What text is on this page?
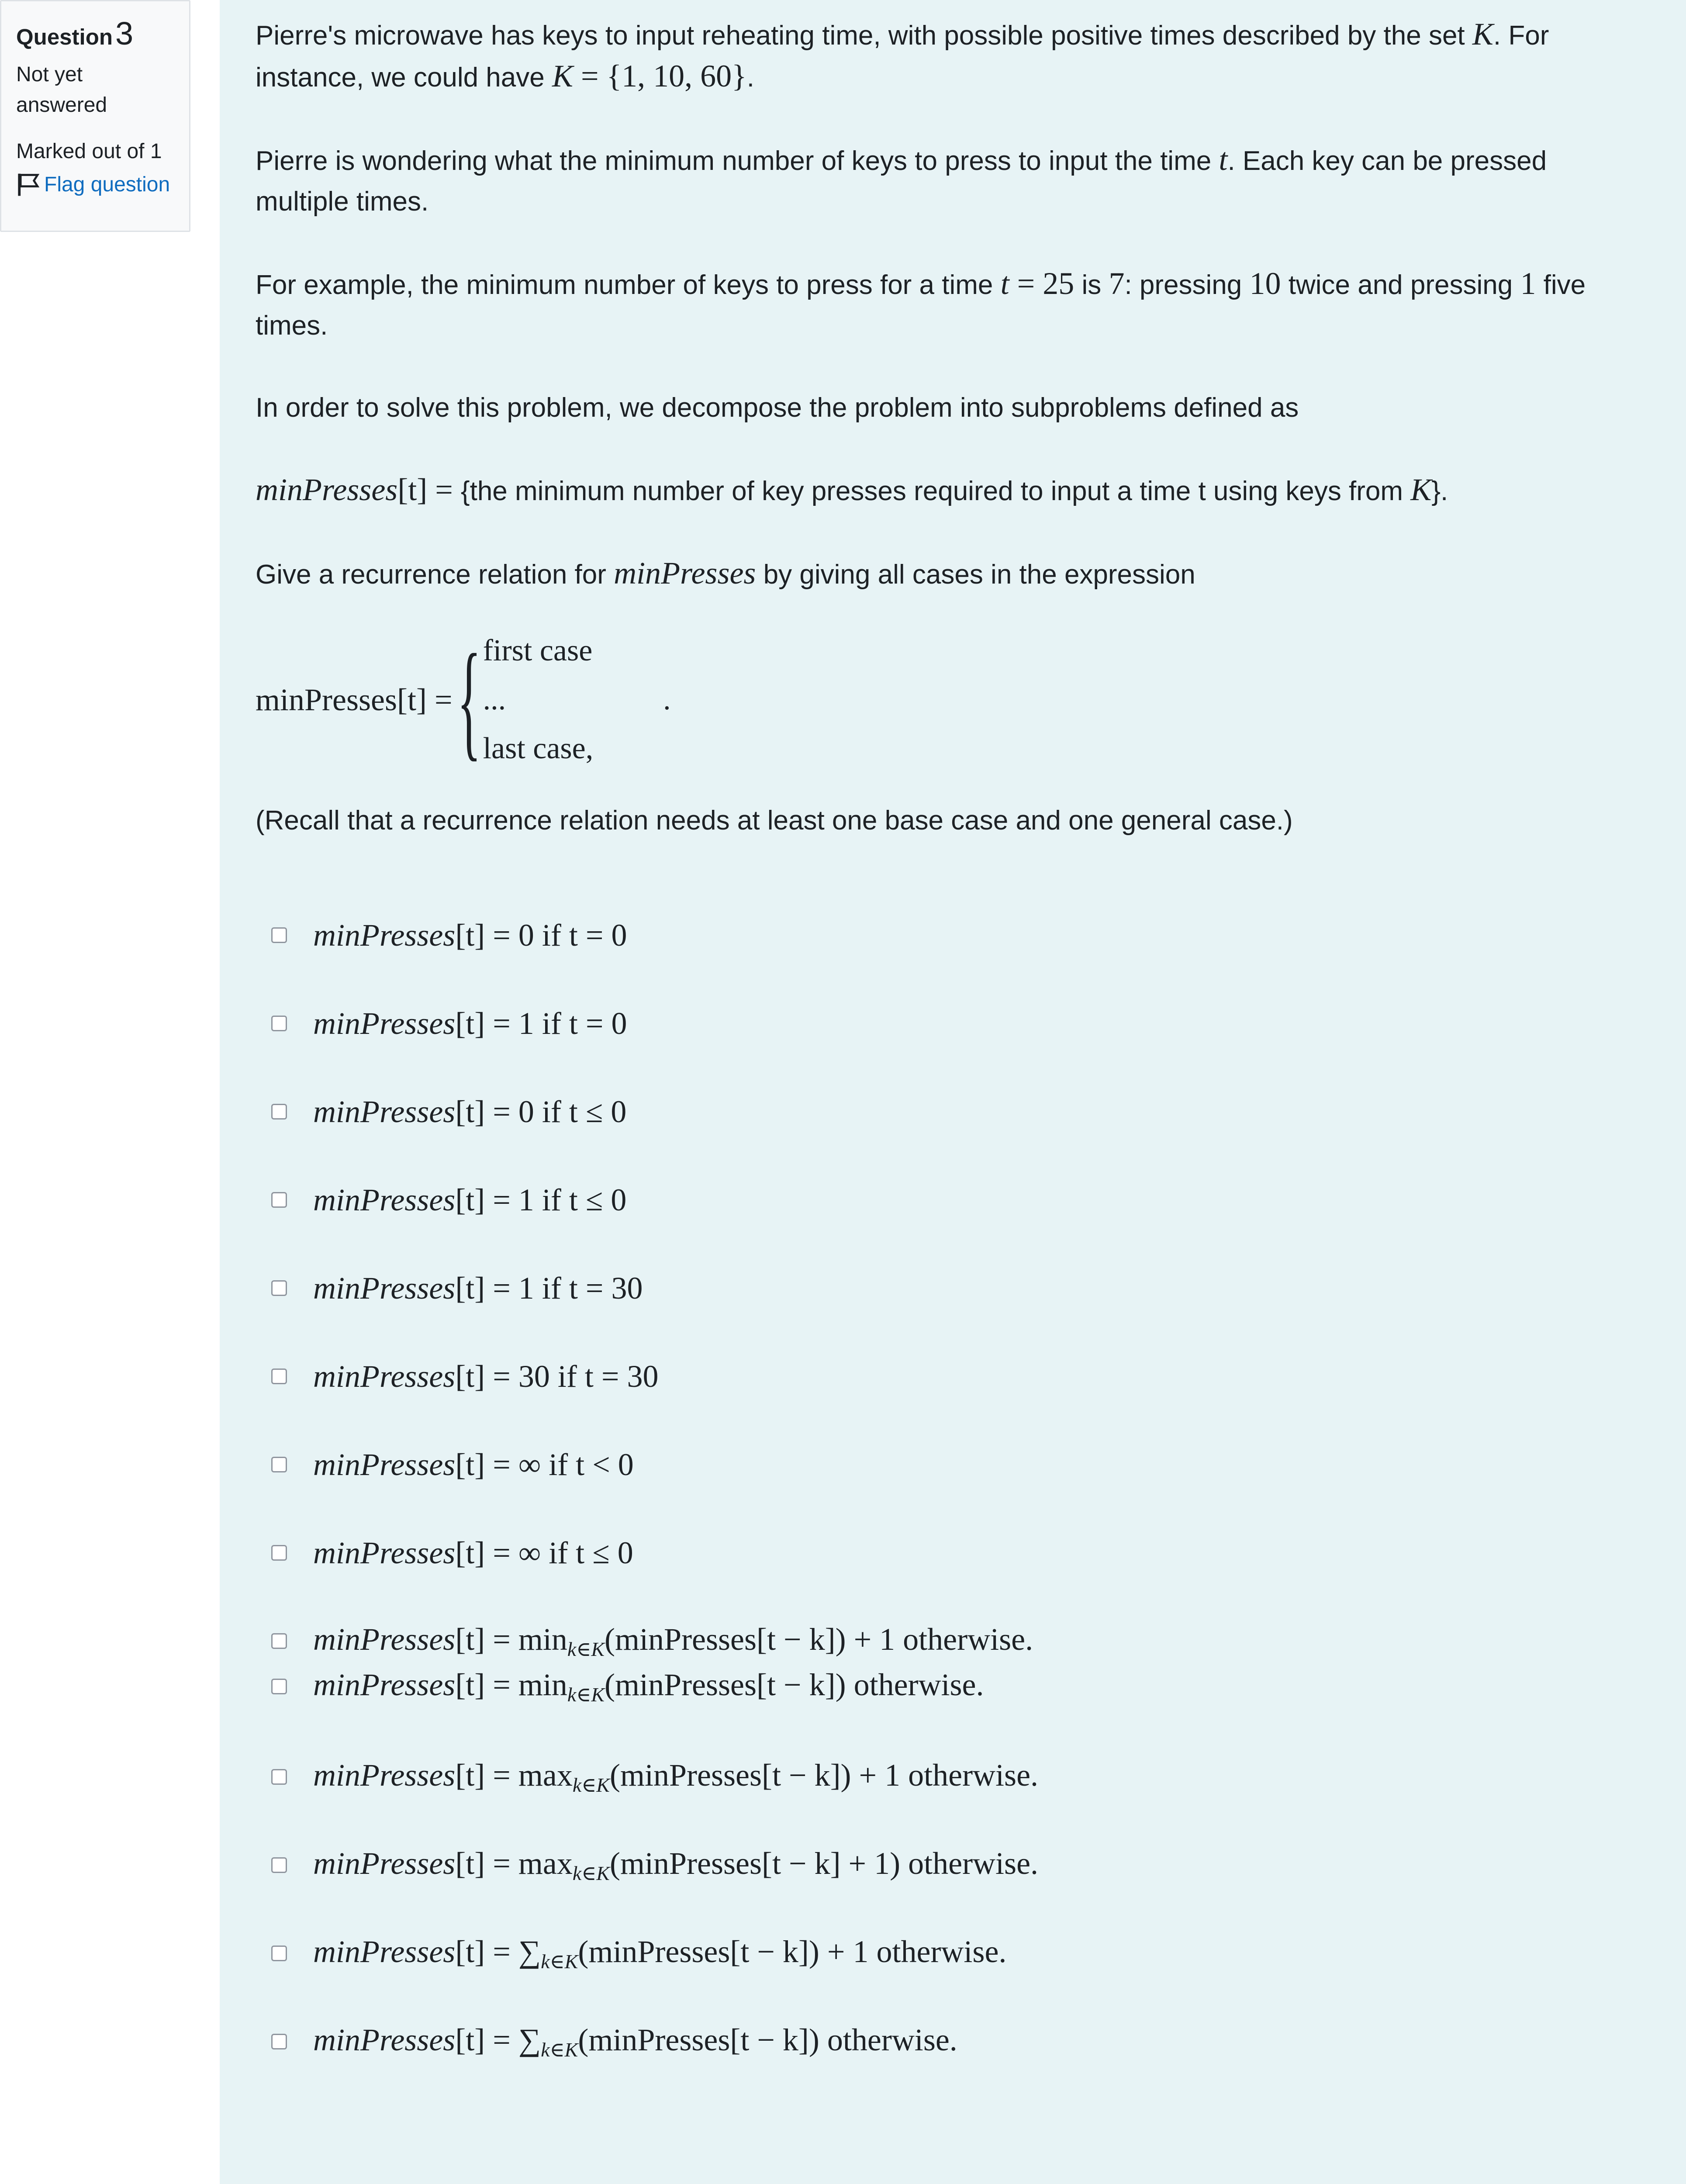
Question3
Not yet answered
Marked out of 1
Flag question

Pierre's microwave has keys to input reheating time, with possible positive times described by the set K. For instance, we could have K = {1, 10, 60}.

Pierre is wondering what the minimum number of keys to press to input the time t. Each key can be pressed multiple times.

For example, the minimum number of keys to press for a time t = 25 is 7: pressing 10 twice and pressing 1 five times.

In order to solve this problem, we decompose the problem into subproblems defined as

minPresses[t] = {the minimum number of key presses required to input a time t using keys from K}.

Give a recurrence relation for minPresses by giving all cases in the expression

minPresses[t] = { first case
...	.
last case,

(Recall that a recurrence relation needs at least one base case and one general case.)

minPresses[t] = 0 if t = 0
minPresses[t] = 1 if t = 0
minPresses[t] = 0 if t ≤ 0
minPresses[t] = 1 if t ≤ 0
minPresses[t] = 1 if t = 30
minPresses[t] = 30 if t = 30
minPresses[t] = ∞ if t < 0
minPresses[t] = ∞ if t ≤ 0
minPresses[t] = $\min_{k\in K}(minPresses[t - k]) + 1$ otherwise.
minPresses[t] = $\min_{k\in K}(minPresses[t - k])$ otherwise.
minPresses[t] = $\max_{k\in K}(minPresses[t - k]) + 1$ otherwise.
minPresses[t] = $\max_{k\in K}(minPresses[t - k] + 1)$ otherwise.
minPresses[t] = $\sum_{k\in K}(minPresses[t - k]) + 1$ otherwise.
minPresses[t] = $\sum_{k\in K}(minPresses[t - k])$ otherwise.
